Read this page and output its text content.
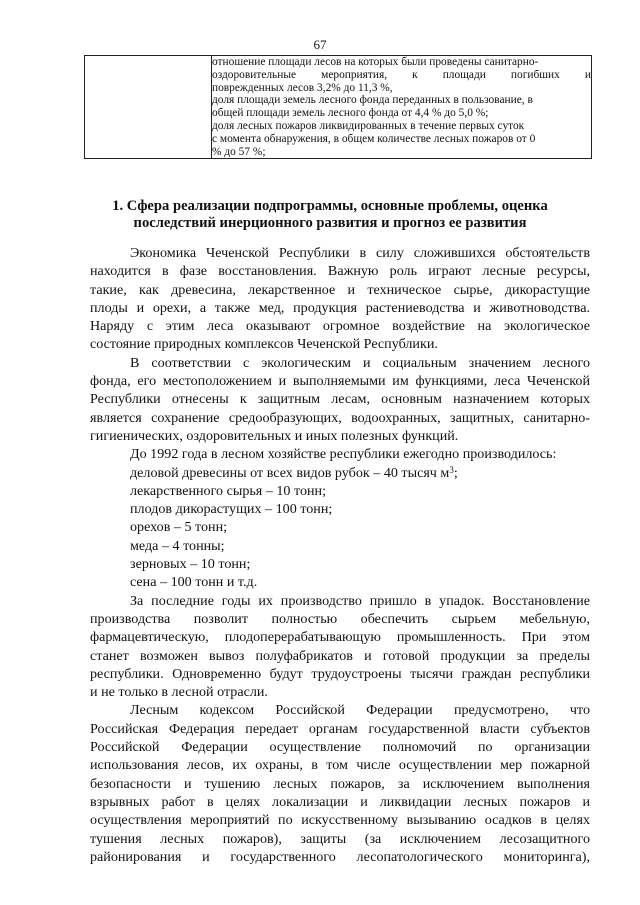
67

отношение площади лесов на которых были проведены санитарно-
оздоровительные мероприятия, к площади погибших и
поврежденных лесов 3,2% до 11,3 %,
доля площади земель лесного фонда переданных в пользование, в
общей площади земель лесного фонда от 4,4 % до 5,0 %;
доля лесных пожаров ликвидированных в течение первых суток
с момента обнаружения, в общем количестве лесных пожаров от 0
% до 57 %;
1. Сфера реализации подпрограммы, основные проблемы, оценка
последствий инерционного развития и прогноз ее развития
Экономика Чеченской Республики в силу сложившихся обстоятельств
находится в фазе восстановления. Важную роль играют лесные ресурсы,
такие, как древесина, лекарственное и техническое сырье, дикорастущие
плоды и орехи, а также мед, продукция растениеводства и животноводства.
Наряду с этим леса оказывают огромное воздействие на экологическое
состояние природных комплексов Чеченской Республики.
В соответствии с экологическим и социальным значением лесного
фонда, его местоположением и выполняемыми им функциями, леса Чеченской
Республики отнесены к защитным лесам, основным назначением которых
является сохранение средообразующих, водоохранных, защитных, санитарно-
гигиенических, оздоровительных и иных полезных функций.
До 1992 года в лесном хозяйстве республики ежегодно производилось:
деловой древесины от всех видов рубок – 40 тысяч $м^3$;
лекарственного сырья – 10 тонн;
плодов дикорастущих – 100 тонн;
орехов – 5 тонн;
меда – 4 тонны;
зерновых – 10 тонн;
сена – 100 тонн и т.д.
За последние годы их производство пришло в упадок. Восстановление
производства позволит полностью обеспечить сырьем мебельную,
фармацевтическую, плодоперерабатывающую промышленность. При этом
станет возможен вывоз полуфабрикатов и готовой продукции за пределы
республики. Одновременно будут трудоустроены тысячи граждан республики
и не только в лесной отрасли.
Лесным кодексом Российской Федерации предусмотрено, что
Российская Федерация передает органам государственной власти субъектов
Российской Федерации осуществление полномочий по организации
использования лесов, их охраны, в том числе осуществлении мер пожарной
безопасности и тушению лесных пожаров, за исключением выполнения
взрывных работ в целях локализации и ликвидации лесных пожаров и
осуществления мероприятий по искусственному вызыванию осадков в целях
тушения лесных пожаров), защиты (за исключением лесозащитного
районирования и государственного лесопатологического мониторинга),
